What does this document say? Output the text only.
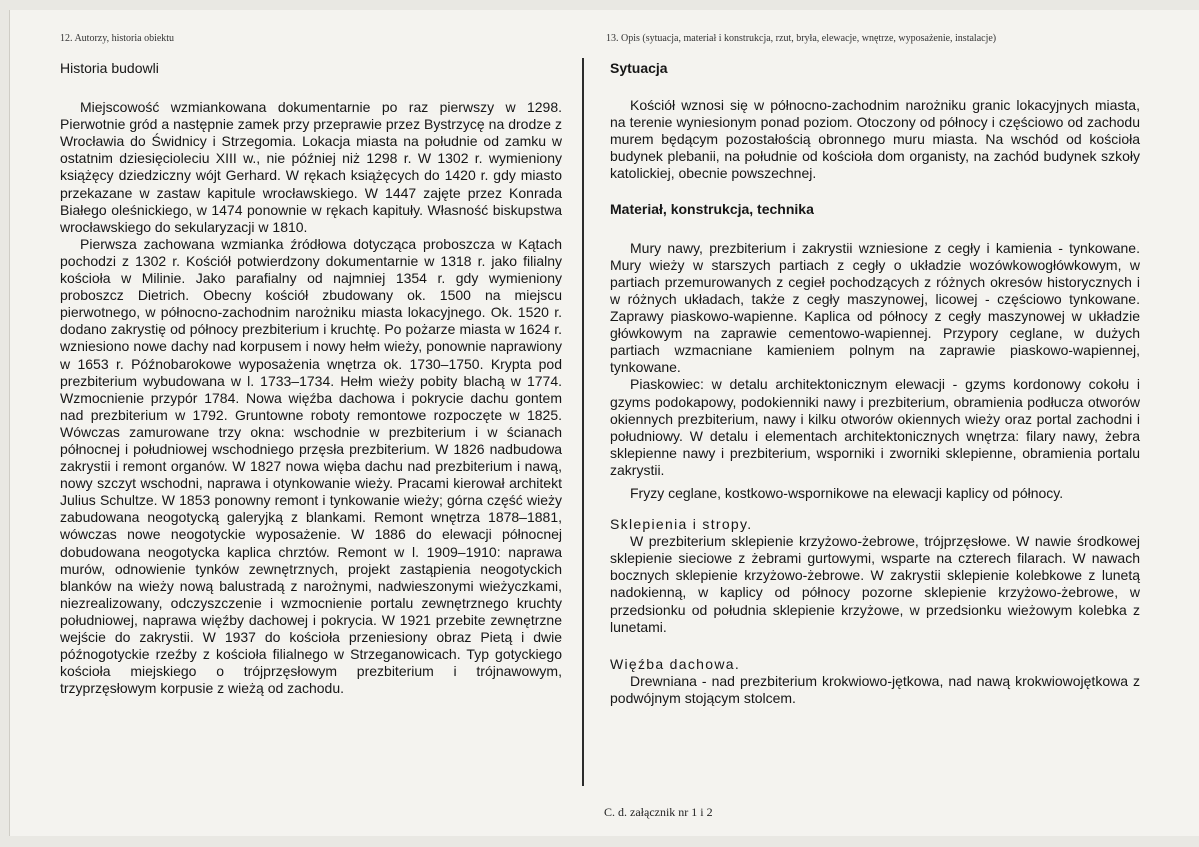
12. Autorzy, historia obiektu	13. Opis (sytuacja, materiał i konstrukcja, rzut, bryła, elewacje, wnętrze, wyposażenie, instalacje)
Historia budowli

Miejscowość wzmiankowana dokumentarnie po raz pierwszy w 1298. Pierwotnie gród a następnie zamek przy przeprawie przez Bystrzycę na drodze z Wrocławia do Świdnicy i Strzegomia. Lokacja miasta na południe od zamku w ostatnim dziesięcioleciu XIII w., nie później niż 1298 r. W 1302 r. wymieniony książęcy dziedziczny wójt Gerhard. W rękach książęcych do 1420 r. gdy miasto przekazane w zastaw kapitule wrocławskiego. W 1447 zajęte przez Konrada Białego oleśnickiego, w 1474 ponownie w rękach kapituły. Własność biskupstwa wrocławskiego do sekularyzacji w 1810.

Pierwsza zachowana wzmianka źródłowa dotycząca proboszcza w Kątach pochodzi z 1302 r. Kościół potwierdzony dokumentarnie w 1318 r. jako filialny kościoła w Milinie. Jako parafialny od najmniej 1354 r. gdy wymieniony proboszcz Dietrich. Obecny kościół zbudowany ok. 1500 na miejscu pierwotnego, w północno-zachodnim narożniku miasta lokacyjnego. Ok. 1520 r. dodano zakrystię od północy prezbiterium i kruchtę. Po pożarze miasta w 1624 r. wzniesiono nowe dachy nad korpusem i nowy hełm wieży, ponownie naprawiony w 1653 r. Późnobarokowe wyposażenia wnętrza ok. 1730–1750. Krypta pod prezbiterium wybudowana w l. 1733–1734. Hełm wieży pobity blachą w 1774. Wzmocnienie przypór 1784. Nowa więźba dachowa i pokrycie dachu gontem nad prezbiterium w 1792. Gruntowne roboty remontowe rozpoczęte w 1825. Wówczas zamurowane trzy okna: wschodnie w prezbiterium i w ścianach północnej i południowej wschodniego przęsła prezbiterium. W 1826 nadbudowa zakrystii i remont organów. W 1827 nowa więba dachu nad prezbiterium i nawą, nowy szczyt wschodni, naprawa i otynkowanie wieży. Pracami kierował architekt Julius Schultze. W 1853 ponowny remont i tynkowanie wieży; górna część wieży zabudowana neogotycką galeryjką z blankami. Remont wnętrza 1878–1881, wówczas nowe neogotyckie wyposażenie. W 1886 do elewacji północnej dobudowana neogotycka kaplica chrztów. Remont w l. 1909–1910: naprawa murów, odnowienie tynków zewnętrznych, projekt zastąpienia neogotyckich blanków na wieży nową balustradą z narożnymi, nadwieszonymi wieżyczkami, niezrealizowany, odczyszczenie i wzmocnienie portalu zewnętrznego kruchty południowej, naprawa więźby dachowej i pokrycia. W 1921 przebite zewnętrzne wejście do zakrystii. W 1937 do kościoła przeniesiony obraz Pietą i dwie późnogotyckie rzeźby z kościoła filialnego w Strzeganowicach. Typ gotyckiego kościoła miejskiego o trójprzęsłowym prezbiterium i trójnawowym, trzyprzęsłowym korpusie z wieżą od zachodu.

Sytuacja

Kościół wznosi się w północno-zachodnim narożniku granic lokacyjnych miasta, na terenie wyniesionym ponad poziom. Otoczony od północy i częściowo od zachodu murem będącym pozostałością obronnego muru miasta. Na wschód od kościoła budynek plebanii, na południe od kościoła dom organisty, na zachód budynek szkoły katolickiej, obecnie powszechnej.

Materiał, konstrukcja, technika

Mury nawy, prezbiterium i zakrystii wzniesione z cegły i kamienia - tynkowane. Mury wieży w starszych partiach z cegły o układzie wozówkowogłówkowym, w partiach przemurowanych z cegieł pochodzących z różnych okresów historycznych i w różnych układach, także z cegły maszynowej, licowej - częściowo tynkowane. Zaprawy piaskowo-wapienne. Kaplica od północy z cegły maszynowej w układzie główkowym na zaprawie cementowo-wapiennej. Przypory ceglane, w dużych partiach wzmacniane kamieniem polnym na zaprawie piaskowo-wapiennej, tynkowane.

Piaskowiec: w detalu architektonicznym elewacji - gzyms kordonowy cokołu i gzyms podokapowy, podokienniki nawy i prezbiterium, obramienia podłucza otworów okiennych prezbiterium, nawy i kilku otworów okiennych wieży oraz portal zachodni i południowy. W detalu i elementach architektonicznych wnętrza: filary nawy, żebra sklepienne nawy i prezbiterium, wsporniki i zworniki sklepienne, obramienia portalu zakrystii.

Fryzy ceglane, kostkowo-wspornikowe na elewacji kaplicy od północy.

Sklepienia i stropy.

W prezbiterium sklepienie krzyżowo-żebrowe, trójprzęsłowe. W nawie środkowej sklepienie sieciowe z żebrami gurtowymi, wsparte na czterech filarach. W nawach bocznych sklepienie krzyżowo-żebrowe. W zakrystii sklepienie kolebkowe z lunetą nadokienną, w kaplicy od północy pozorne sklepienie krzyżowo-żebrowe, w przedsionku od południa sklepienie krzyżowe, w przedsionku wieżowym kolebka z lunetami.

Więźba dachowa.

Drewniana - nad prezbiterium krokwiowo-jętkowa, nad nawą krokwiowojętkowa z podwójnym stojącym stolcem.

C. d. załącznik nr 1 i 2
